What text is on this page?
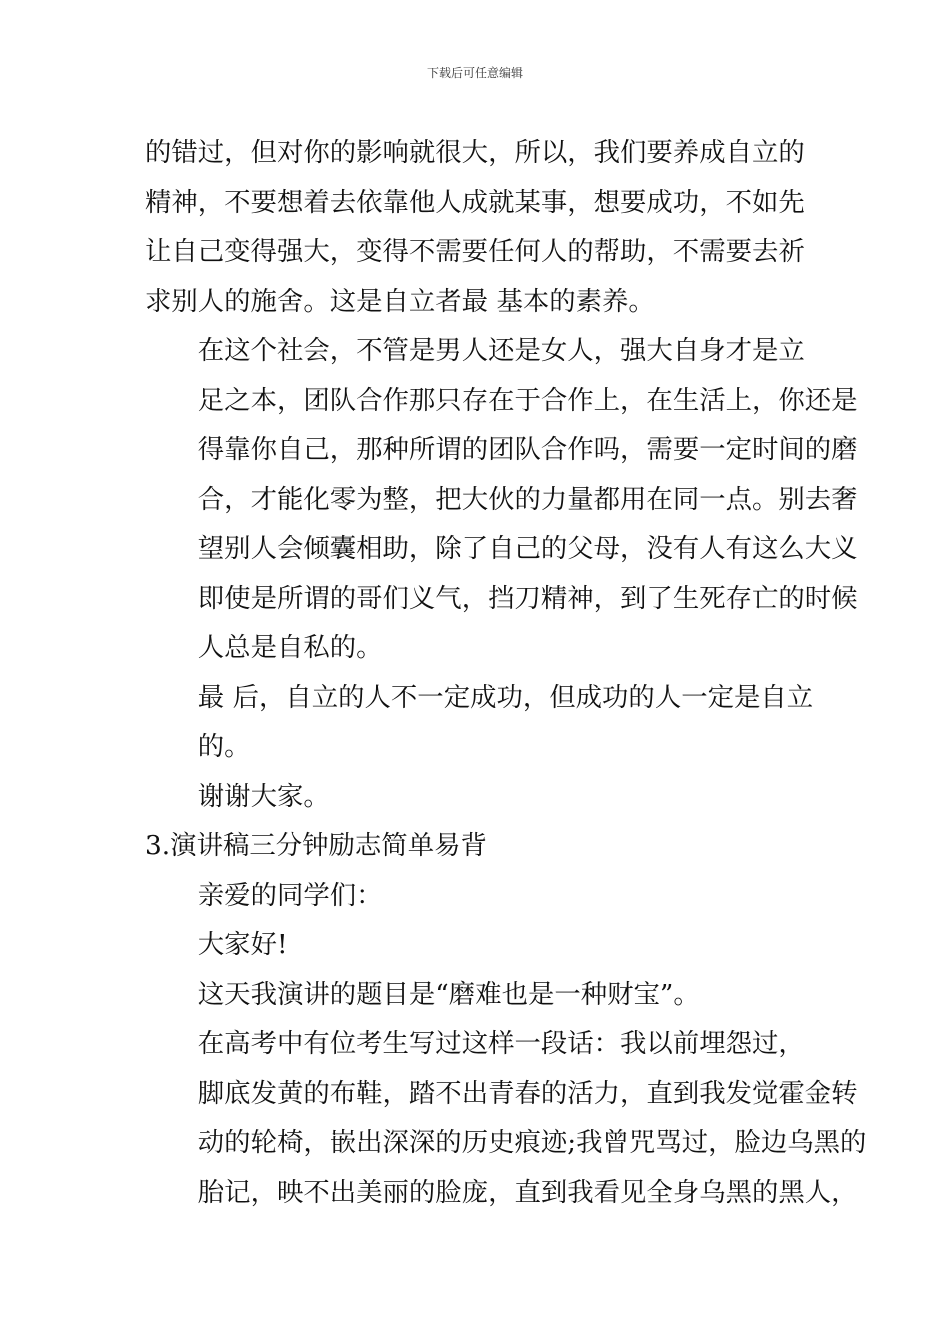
下载后可任意编辑

的错过，但对你的影响就很大，所以，我们要养成自立的
精神，不要想着去依靠他人成就某事，想要成功，不如先
让自己变得强大，变得不需要任何人的帮助，不需要去祈
求别人的施舍。这是自立者最 基本的素养。

在这个社会，不管是男人还是女人，强大自身才是立
足之本，团队合作那只存在于合作上，在生活上，你还是
得靠你自己，那种所谓的团队合作吗，需要一定时间的磨
合，才能化零为整，把大伙的力量都用在同一点。别去奢
望别人会倾囊相助，除了自己的父母，没有人有这么大义
即使是所谓的哥们义气，挡刀精神，到了生死存亡的时候
人总是自私的。

最 后，自立的人不一定成功，但成功的人一定是自立
的。

谢谢大家。

3.演讲稿三分钟励志简单易背

亲爱的同学们：

大家好!

这天我演讲的题目是“磨难也是一种财宝”。

在高考中有位考生写过这样一段话：我以前埋怨过，
脚底发黄的布鞋，踏不出青春的活力，直到我发觉霍金转
动的轮椅，嵌出深深的历史痕迹;我曾咒骂过，脸边乌黑的
胎记，映不出美丽的脸庞，直到我看见全身乌黑的黑人，
